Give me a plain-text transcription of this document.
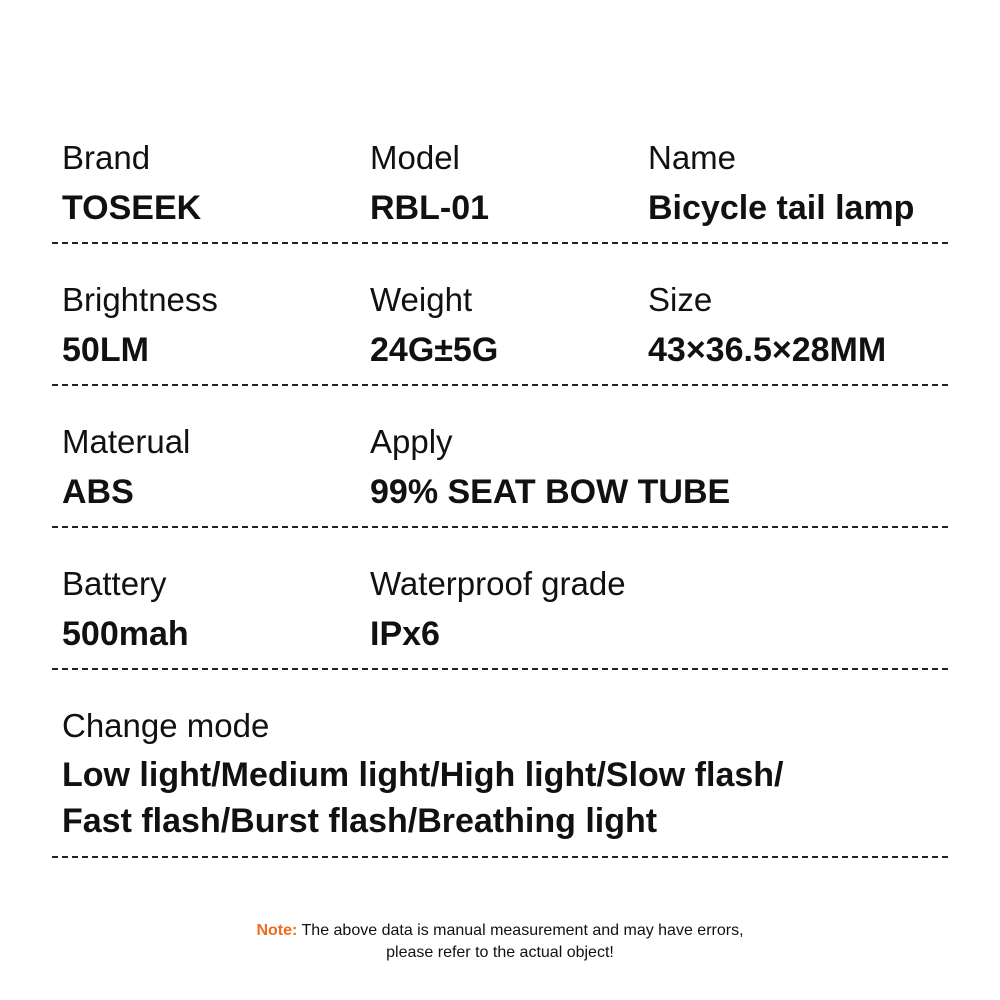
Brand
TOSEEK
Model
RBL-01
Name
Bicycle tail lamp
Brightness
50LM
Weight
24G±5G
Size
43×36.5×28MM
Materual
ABS
Apply
99% SEAT BOW TUBE
Battery
500mah
Waterproof grade
IPx6
Change mode
Low light/Medium light/High light/Slow flash/
Fast flash/Burst flash/Breathing light
Note: The above data is manual measurement and may have errors,
please refer to the actual object!
